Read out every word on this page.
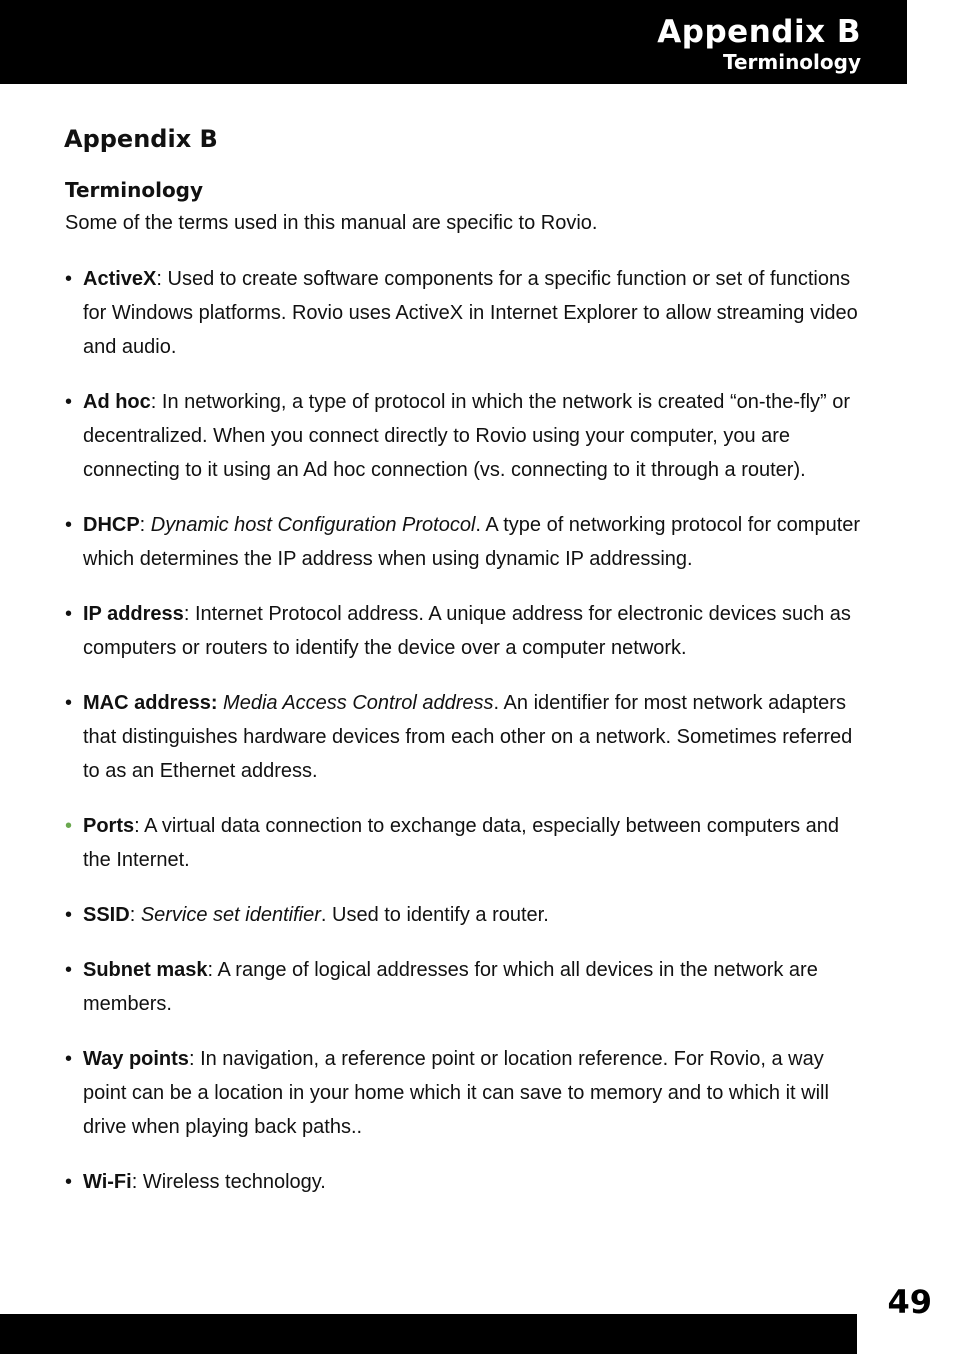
Appendix B
Terminology
Appendix B
Terminology

Some of the terms used in this manual are specific to Rovio.

• ActiveX: Used to create software components for a specific function or set of functions for Windows platforms. Rovio uses ActiveX in Internet Explorer to allow streaming video and audio.
• Ad hoc: In networking, a type of protocol in which the network is created “on-the-fly” or decentralized. When you connect directly to Rovio using your computer, you are connecting to it using an Ad hoc connection (vs. connecting to it through a router).
• DHCP: Dynamic host Configuration Protocol. A type of networking protocol for computer which determines the IP address when using dynamic IP addressing.
• IP address: Internet Protocol address. A unique address for electronic devices such as computers or routers to identify the device over a computer network.
• MAC address: Media Access Control address. An identifier for most network adapters that distinguishes hardware devices from each other on a network. Sometimes referred to as an Ethernet address.
• Ports: A virtual data connection to exchange data, especially between computers and the Internet.
• SSID: Service set identifier. Used to identify a router.
• Subnet mask: A range of logical addresses for which all devices in the network are members.
• Way points: In navigation, a reference point or location reference. For Rovio, a way point can be a location in your home which it can save to memory and to which it will drive when playing back paths..
• Wi-Fi: Wireless technology.
49
